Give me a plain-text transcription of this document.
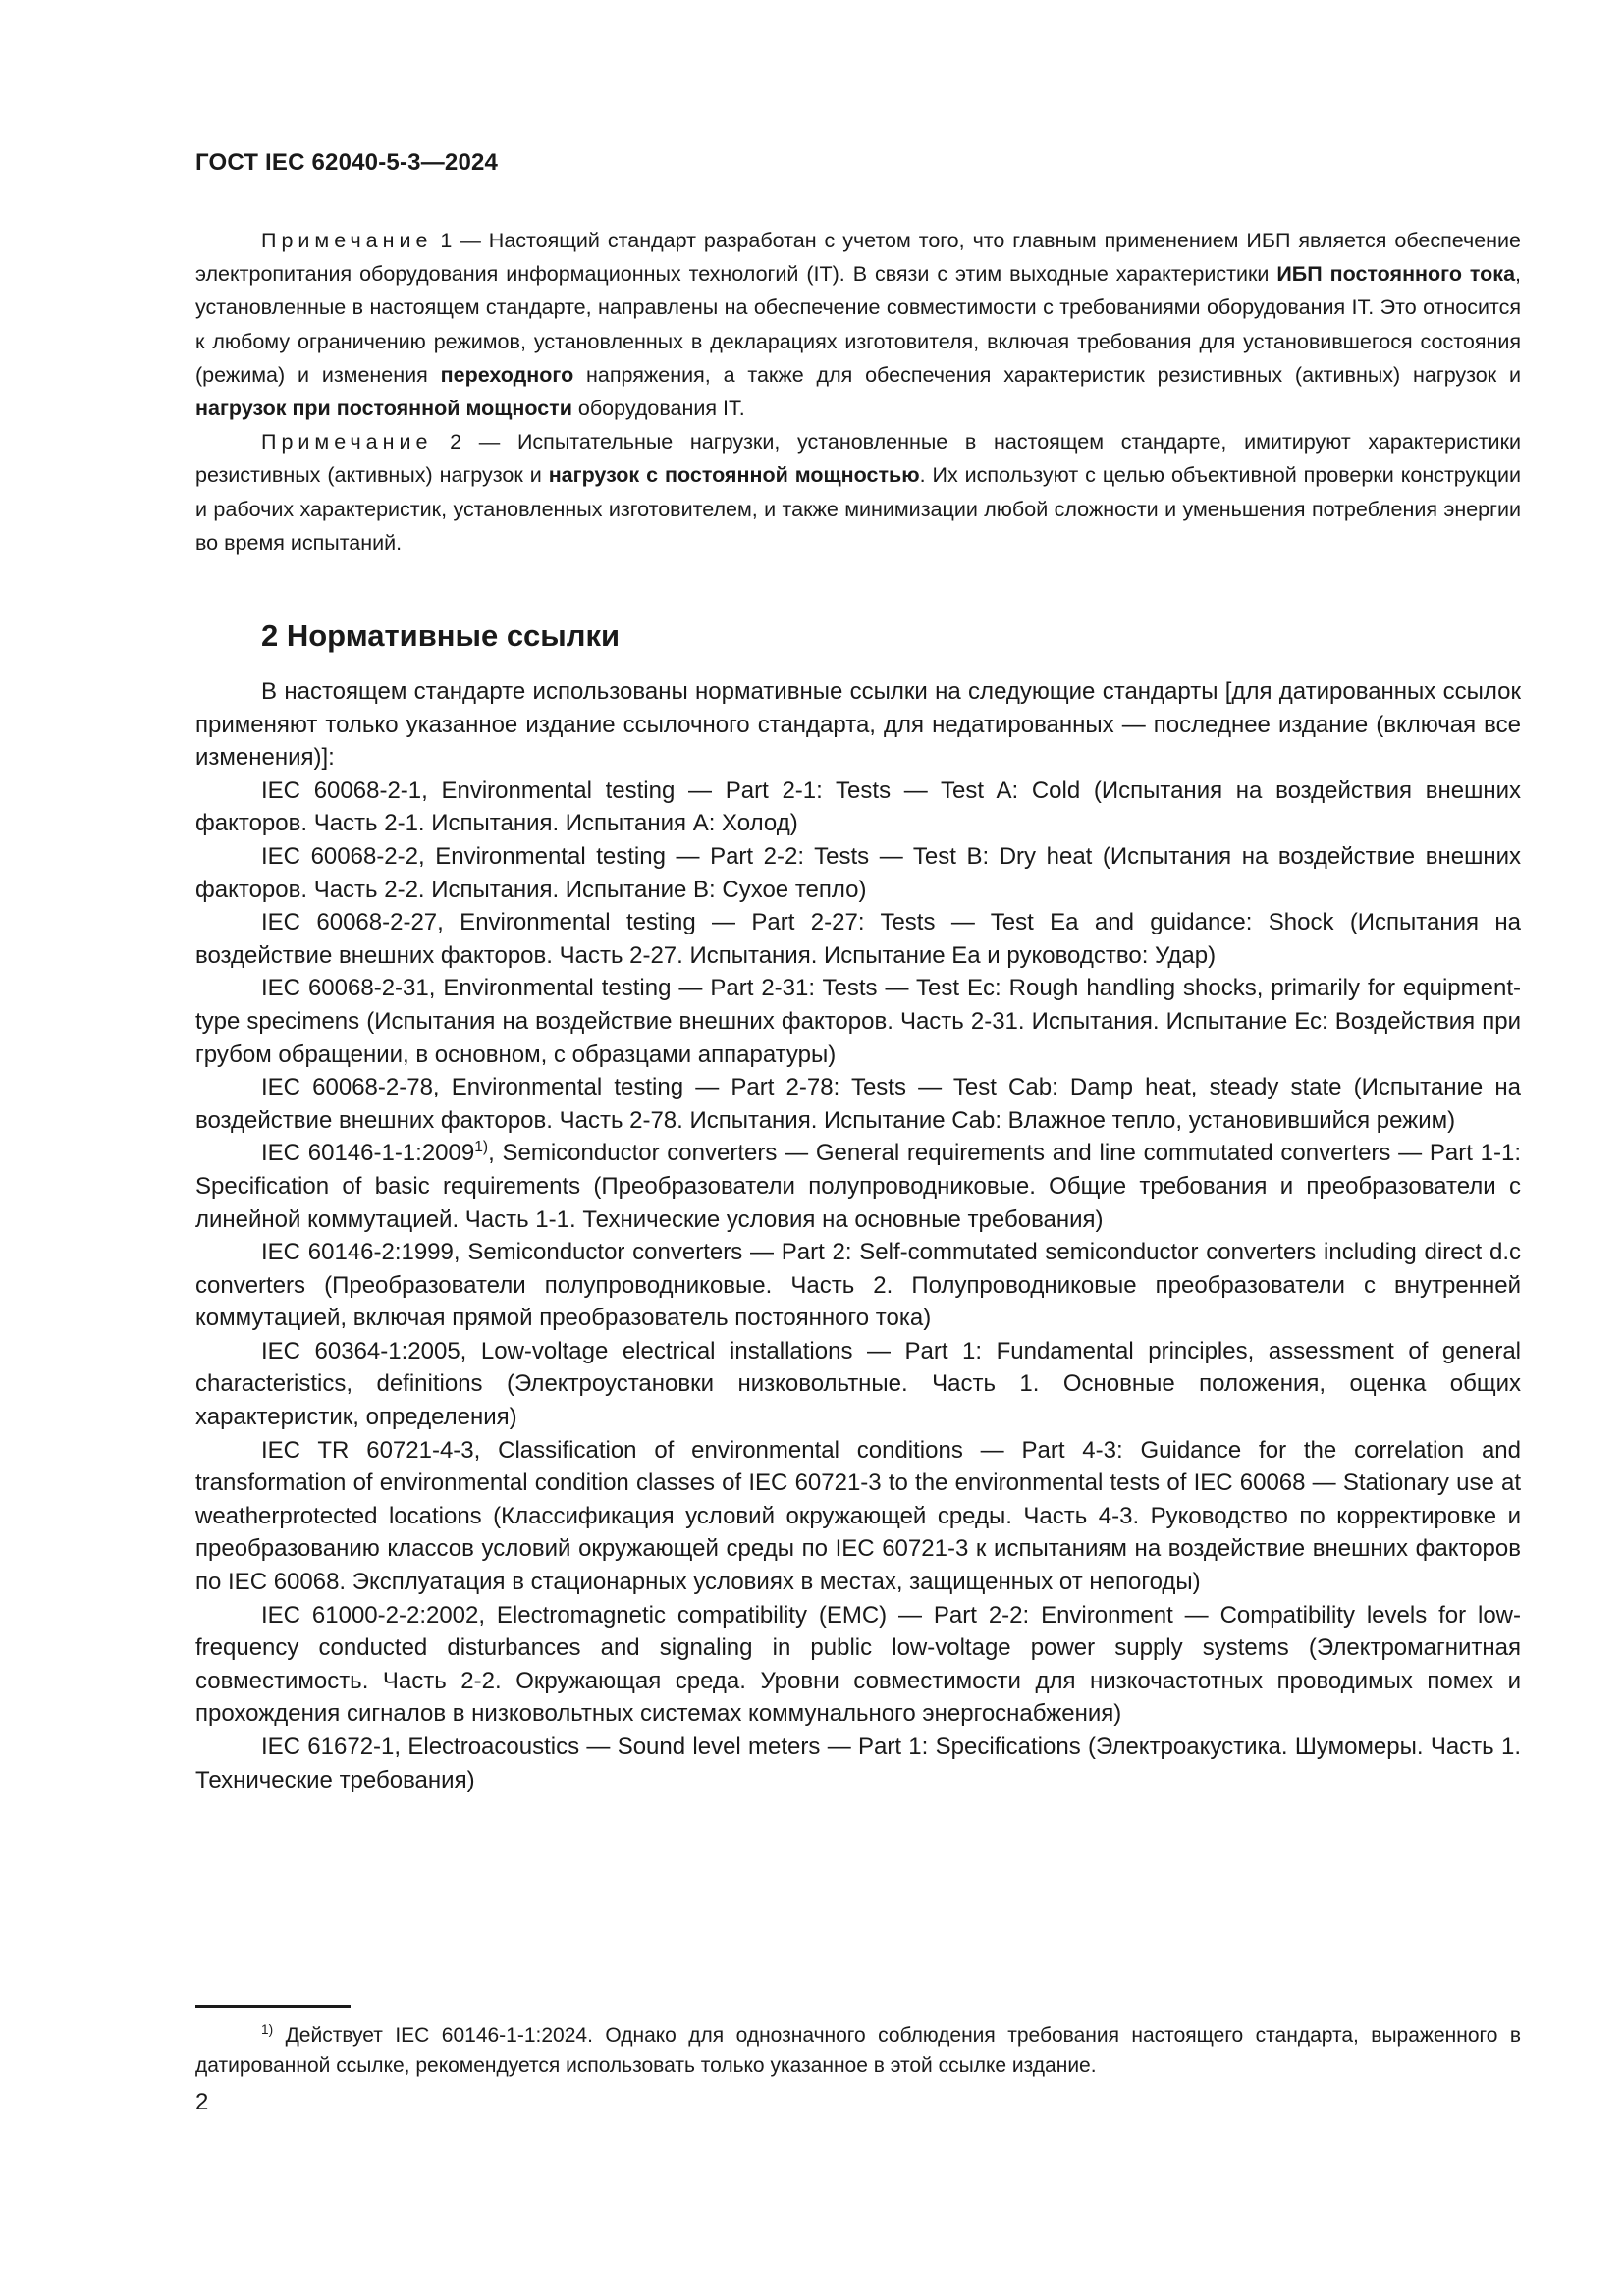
ГОСТ IEC 62040-5-3—2024

Примечание 1 — Настоящий стандарт разработан с учетом того, что главным применением ИБП является обеспечение электропитания оборудования информационных технологий (IT). В связи с этим выходные характеристики ИБП постоянного тока, установленные в настоящем стандарте, направлены на обеспечение совместимости с требованиями оборудования IT. Это относится к любому ограничению режимов, установленных в декларациях изготовителя, включая требования для установившегося состояния (режима) и изменения переходного напряжения, а также для обеспечения характеристик резистивных (активных) нагрузок и нагрузок при постоянной мощности оборудования IT.

Примечание 2 — Испытательные нагрузки, установленные в настоящем стандарте, имитируют характеристики резистивных (активных) нагрузок и нагрузок с постоянной мощностью. Их используют с целью объективной проверки конструкции и рабочих характеристик, установленных изготовителем, и также минимизации любой сложности и уменьшения потребления энергии во время испытаний.

2 Нормативные ссылки

В настоящем стандарте использованы нормативные ссылки на следующие стандарты [для датированных ссылок применяют только указанное издание ссылочного стандарта, для недатированных — последнее издание (включая все изменения)]:

IEC 60068-2-1, Environmental testing — Part 2-1: Tests — Test A: Cold (Испытания на воздействия внешних факторов. Часть 2-1. Испытания. Испытания А: Холод)

IEC 60068-2-2, Environmental testing — Part 2-2: Tests — Test B: Dry heat (Испытания на воздействие внешних факторов. Часть 2-2. Испытания. Испытание В: Сухое тепло)

IEC 60068-2-27, Environmental testing — Part 2-27: Tests — Test Ea and guidance: Shock (Испытания на воздействие внешних факторов. Часть 2-27. Испытания. Испытание Еа и руководство: Удар)

IEC 60068-2-31, Environmental testing — Part 2-31: Tests — Test Ec: Rough handling shocks, primarily for equipment-type specimens (Испытания на воздействие внешних факторов. Часть 2-31. Испытания. Испытание Ес: Воздействия при грубом обращении, в основном, с образцами аппаратуры)

IEC 60068-2-78, Environmental testing — Part 2-78: Tests — Test Cab: Damp heat, steady state (Испытание на воздействие внешних факторов. Часть 2-78. Испытания. Испытание Cab: Влажное тепло, установившийся режим)

IEC 60146-1-1:2009$^{1)}$, Semiconductor converters — General requirements and line commutated converters — Part 1-1: Specification of basic requirements (Преобразователи полупроводниковые. Общие требования и преобразователи с линейной коммутацией. Часть 1-1. Технические условия на основные требования)

IEC 60146-2:1999, Semiconductor converters — Part 2: Self-commutated semiconductor converters including direct d.c converters (Преобразователи полупроводниковые. Часть 2. Полупроводниковые преобразователи с внутренней коммутацией, включая прямой преобразователь постоянного тока)

IEC 60364-1:2005, Low-voltage electrical installations — Part 1: Fundamental principles, assessment of general characteristics, definitions (Электроустановки низковольтные. Часть 1. Основные положения, оценка общих характеристик, определения)

IEC TR 60721-4-3, Classification of environmental conditions — Part 4-3: Guidance for the correlation and transformation of environmental condition classes of IEC 60721-3 to the environmental tests of IEC 60068 — Stationary use at weatherprotected locations (Классификация условий окружающей среды. Часть 4-3. Руководство по корректировке и преобразованию классов условий окружающей среды по IEC 60721-3 к испытаниям на воздействие внешних факторов по IEC 60068. Эксплуатация в стационарных условиях в местах, защищенных от непогоды)

IEC 61000-2-2:2002, Electromagnetic compatibility (EMC) — Part 2-2: Environment — Compatibility levels for low-frequency conducted disturbances and signaling in public low-voltage power supply systems (Электромагнитная совместимость. Часть 2-2. Окружающая среда. Уровни совместимости для низкочастотных проводимых помех и прохождения сигналов в низковольтных системах коммунального энергоснабжения)

IEC 61672-1, Electroacoustics — Sound level meters — Part 1: Specifications (Электроакустика. Шумомеры. Часть 1. Технические требования)

$^{1)}$ Действует IEC 60146-1-1:2024. Однако для однозначного соблюдения требования настоящего стандарта, выраженного в датированной ссылке, рекомендуется использовать только указанное в этой ссылке издание.

2
